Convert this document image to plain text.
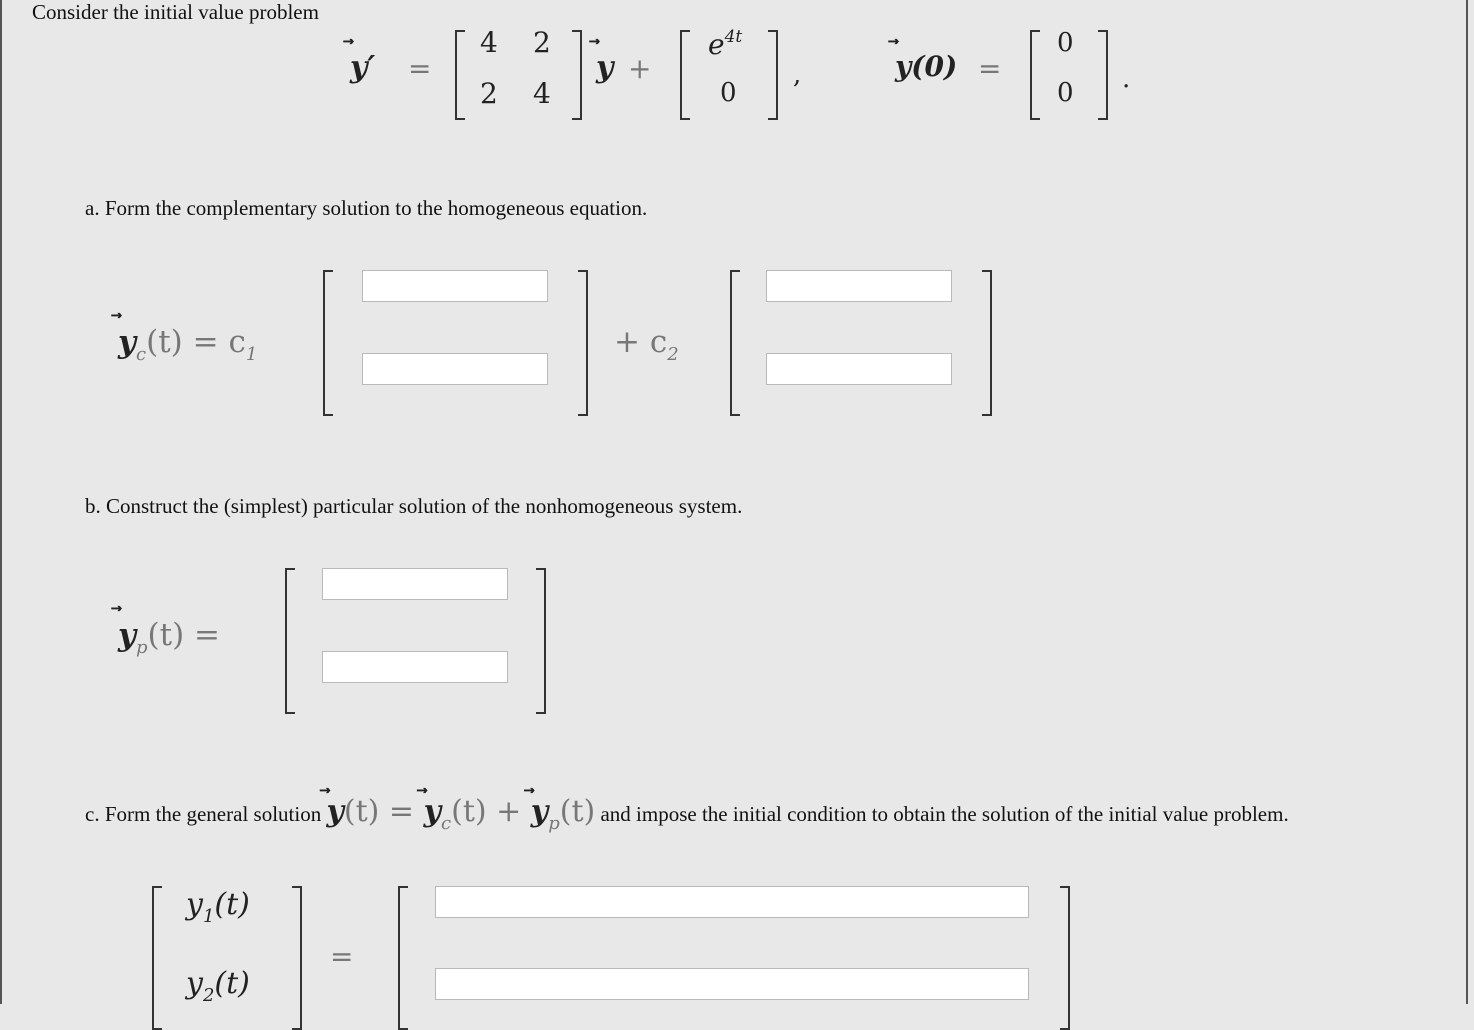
Consider the initial value problem
⃗ y′ =
4 2
2 4
⃗ y +
$e^{4t}$
0
,	⃗ y(0) =
0
0 .
a. Form the complementary solution to the homogeneous equation.
⃗ $y_c(t) = c_1$	+ $c_2$
b. Construct the (simplest) particular solution of the nonhomogeneous system.
⃗ $y_p(t)$ =
c. Form the general solution ⃗ y(t) = ⃗ $y_c(t)$ + ⃗ $y_p(t)$ and impose the initial condition to obtain the solution of the initial value problem.
$y_1(t)$
$y_2(t)$
=
